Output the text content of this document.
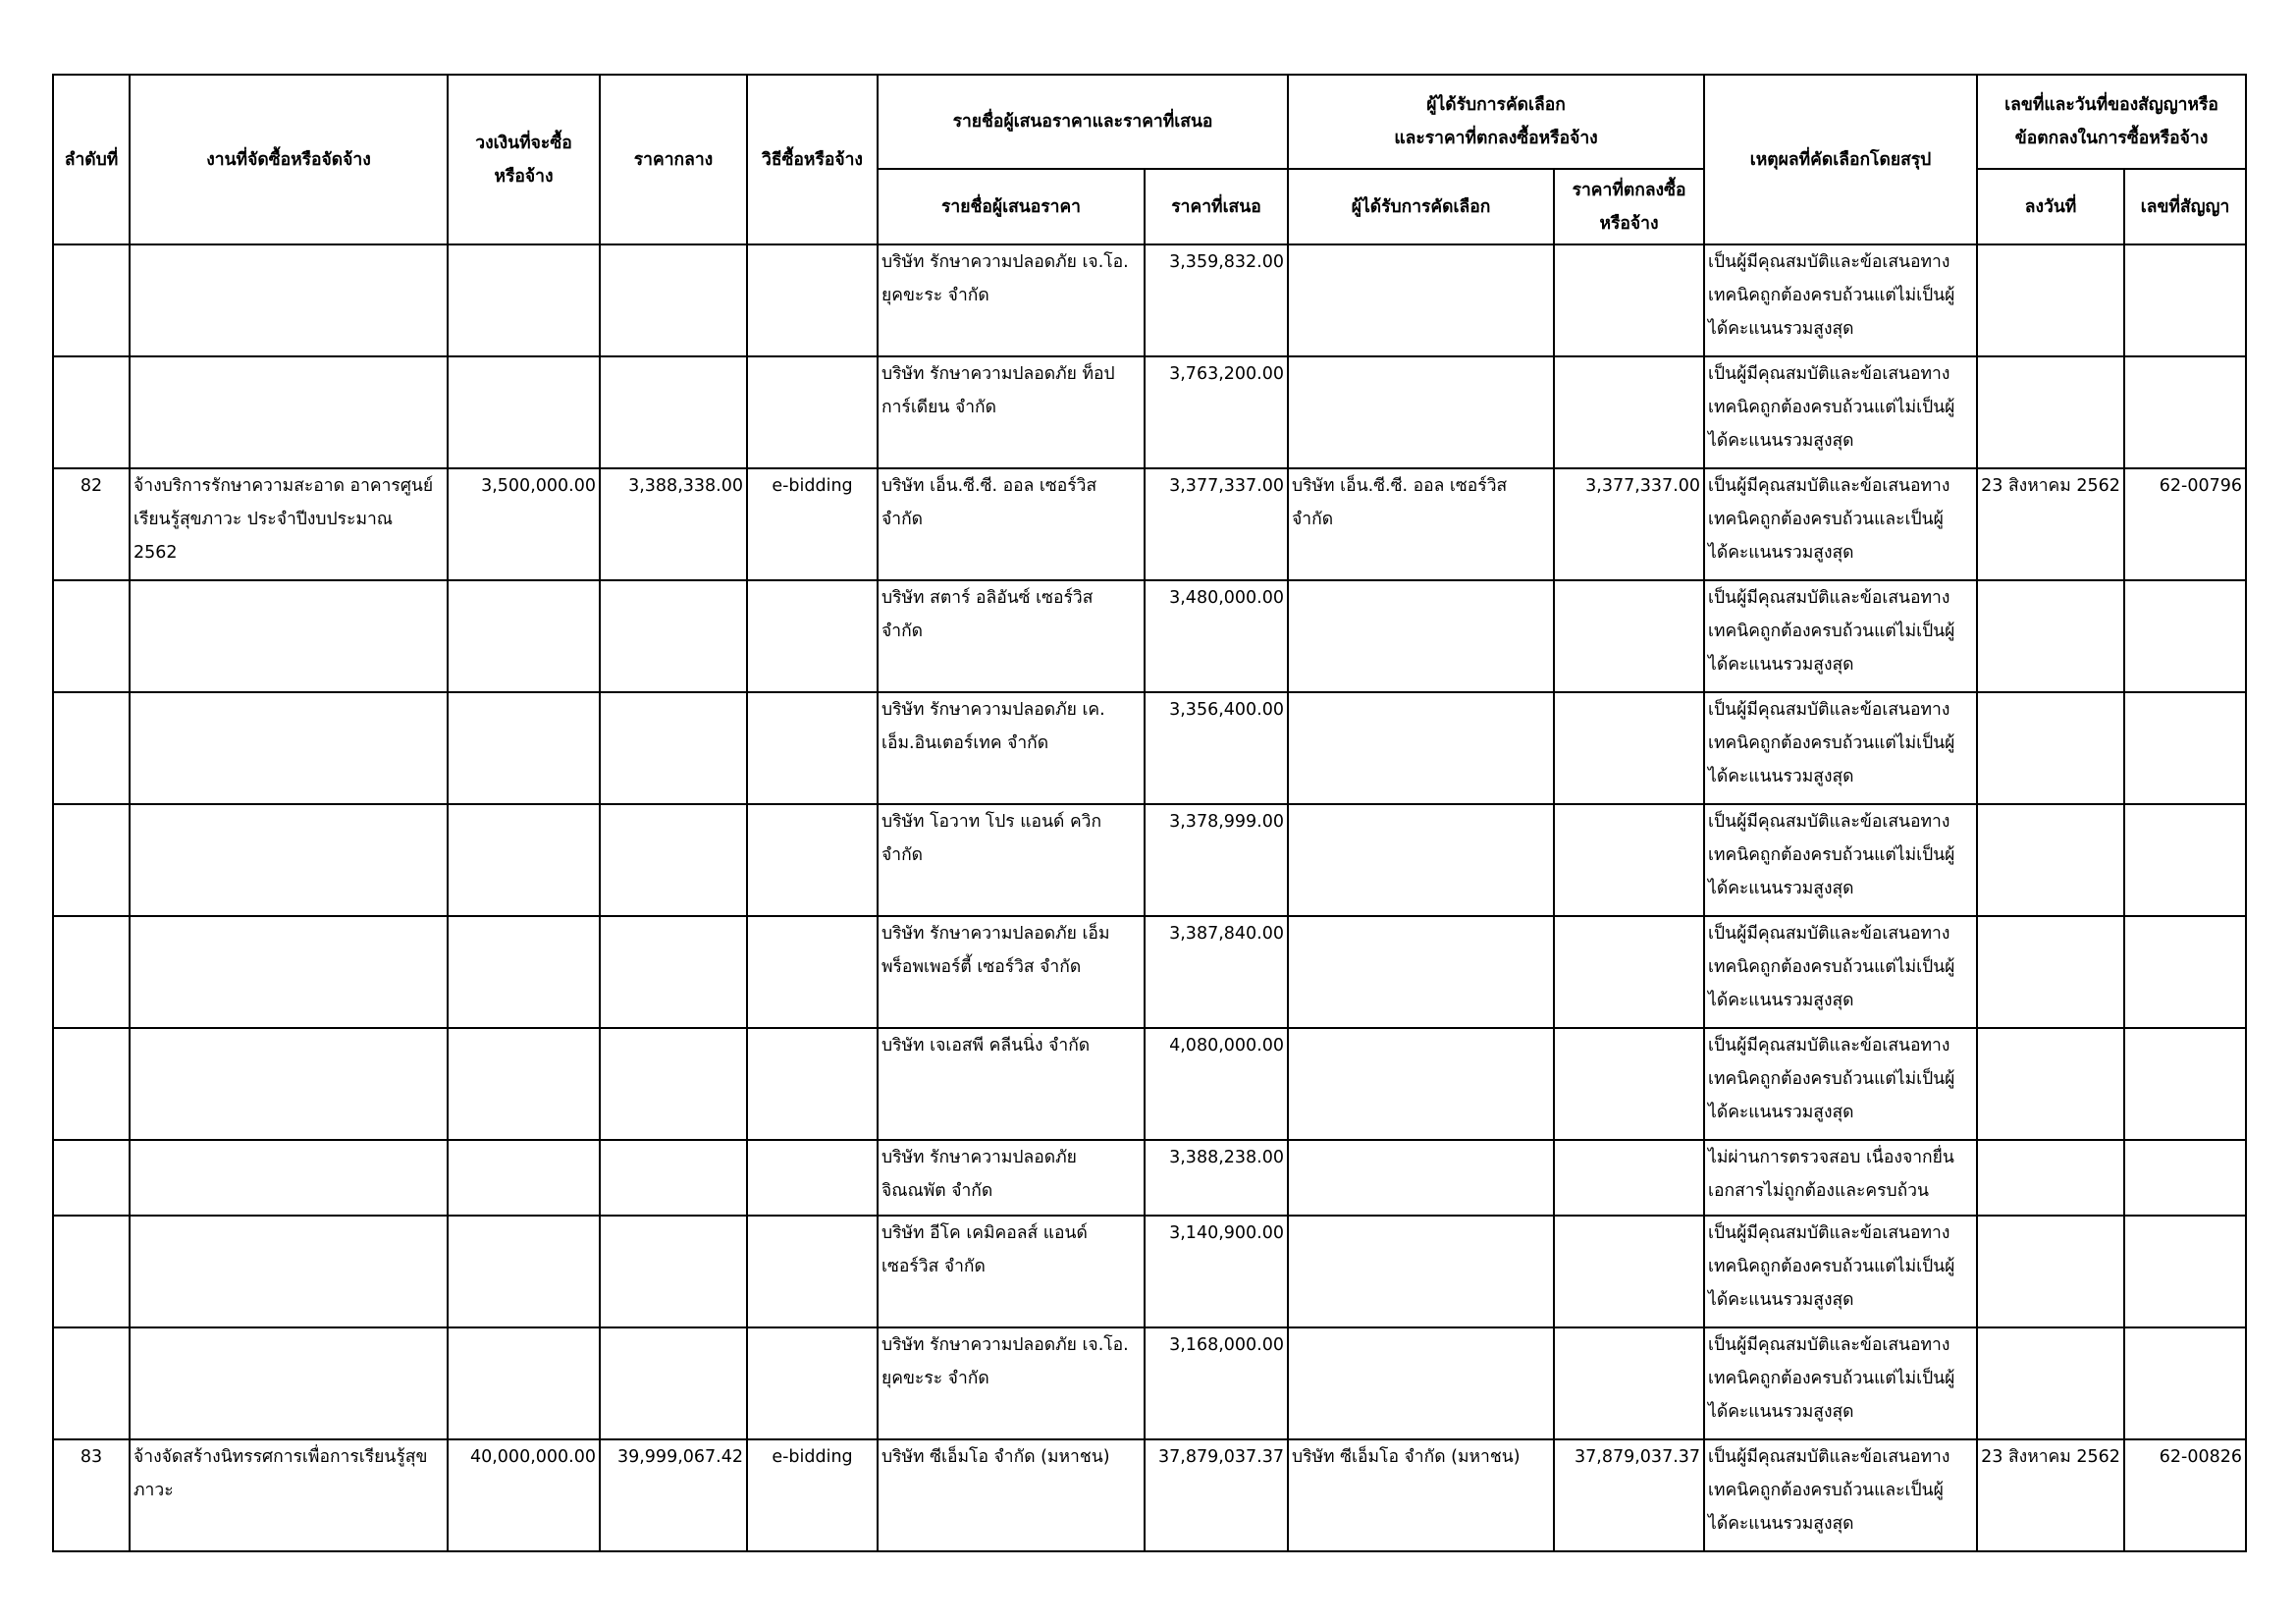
ลำดับที่	งานที่จัดซื้อหรือจัดจ้าง	วงเงินที่จะซื้อ
หรือจ้าง	ราคากลาง	วิธีซื้อหรือจ้าง	รายชื่อผู้เสนอราคาและราคาที่เสนอ		ผู้ได้รับการคัดเลือก
และราคาที่ตกลงซื้อหรือจ้าง		เหตุผลที่คัดเลือกโดยสรุป	เลขที่และวันที่ของสัญญาหรือ
ข้อตกลงในการซื้อหรือจ้าง	
					รายชื่อผู้เสนอราคา	ราคาที่เสนอ	ผู้ได้รับการคัดเลือก	ราคาที่ตกลงซื้อ
หรือจ้าง		ลงวันที่	เลขที่สัญญา
					บริษัท รักษาความปลอดภัย เจ.โอ.
ยุคขะระ จำกัด	3,359,832.00			เป็นผู้มีคุณสมบัติและข้อเสนอทาง
เทคนิคถูกต้องครบถ้วนแต่ไม่เป็นผู้
ได้คะแนนรวมสูงสุด		
					บริษัท รักษาความปลอดภัย ท็อป
การ์เดียน จำกัด	3,763,200.00			เป็นผู้มีคุณสมบัติและข้อเสนอทาง
เทคนิคถูกต้องครบถ้วนแต่ไม่เป็นผู้
ได้คะแนนรวมสูงสุด		
82	จ้างบริการรักษาความสะอาด อาคารศูนย์
เรียนรู้สุขภาวะ ประจำปีงบประมาณ
2562	3,500,000.00	3,388,338.00	e-bidding	บริษัท เอ็น.ซี.ซี. ออล เซอร์วิส
จำกัด	3,377,337.00	บริษัท เอ็น.ซี.ซี. ออล เซอร์วิส
จำกัด	3,377,337.00	เป็นผู้มีคุณสมบัติและข้อเสนอทาง
เทคนิคถูกต้องครบถ้วนและเป็นผู้
ได้คะแนนรวมสูงสุด	23 สิงหาคม 2562	62-00796
					บริษัท สตาร์ อลิอันซ์ เซอร์วิส
จำกัด	3,480,000.00			เป็นผู้มีคุณสมบัติและข้อเสนอทาง
เทคนิคถูกต้องครบถ้วนแต่ไม่เป็นผู้
ได้คะแนนรวมสูงสุด		
					บริษัท รักษาความปลอดภัย เค.
เอ็ม.อินเตอร์เทค จำกัด	3,356,400.00			เป็นผู้มีคุณสมบัติและข้อเสนอทาง
เทคนิคถูกต้องครบถ้วนแต่ไม่เป็นผู้
ได้คะแนนรวมสูงสุด		
					บริษัท โอวาท โปร แอนด์ ควิก
จำกัด	3,378,999.00			เป็นผู้มีคุณสมบัติและข้อเสนอทาง
เทคนิคถูกต้องครบถ้วนแต่ไม่เป็นผู้
ได้คะแนนรวมสูงสุด		
					บริษัท รักษาความปลอดภัย เอ็ม
พร็อพเพอร์ตี้ เซอร์วิส จำกัด	3,387,840.00			เป็นผู้มีคุณสมบัติและข้อเสนอทาง
เทคนิคถูกต้องครบถ้วนแต่ไม่เป็นผู้
ได้คะแนนรวมสูงสุด		
					บริษัท เจเอสพี คลีนนิ่ง จำกัด	4,080,000.00			เป็นผู้มีคุณสมบัติและข้อเสนอทาง
เทคนิคถูกต้องครบถ้วนแต่ไม่เป็นผู้
ได้คะแนนรวมสูงสุด		
					บริษัท รักษาความปลอดภัย
จิณณพัต จำกัด	3,388,238.00			ไม่ผ่านการตรวจสอบ เนื่องจากยื่น
เอกสารไม่ถูกต้องและครบถ้วน		
					บริษัท อีโค เคมิคอลส์ แอนด์
เซอร์วิส จำกัด	3,140,900.00			เป็นผู้มีคุณสมบัติและข้อเสนอทาง
เทคนิคถูกต้องครบถ้วนแต่ไม่เป็นผู้
ได้คะแนนรวมสูงสุด		
					บริษัท รักษาความปลอดภัย เจ.โอ.
ยุคขะระ จำกัด	3,168,000.00			เป็นผู้มีคุณสมบัติและข้อเสนอทาง
เทคนิคถูกต้องครบถ้วนแต่ไม่เป็นผู้
ได้คะแนนรวมสูงสุด		
83	จ้างจัดสร้างนิทรรศการเพื่อการเรียนรู้สุข
ภาวะ	40,000,000.00	39,999,067.42	e-bidding	บริษัท ซีเอ็มโอ จำกัด (มหาชน)	37,879,037.37	บริษัท ซีเอ็มโอ จำกัด (มหาชน)	37,879,037.37	เป็นผู้มีคุณสมบัติและข้อเสนอทาง
เทคนิคถูกต้องครบถ้วนและเป็นผู้
ได้คะแนนรวมสูงสุด	23 สิงหาคม 2562	62-00826
